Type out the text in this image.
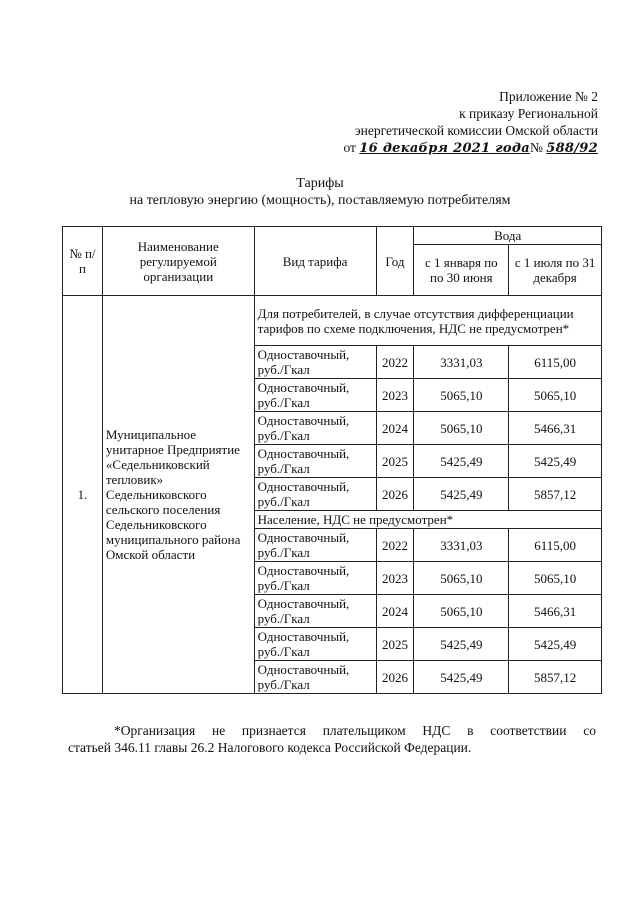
Приложение № 2
к приказу Региональной
энергетической комиссии Омской области
от 16 декабря 2021 года№ 588/92
Тарифы
на тепловую энергию (мощность), поставляемую потребителям
№ п/п	Наименование регулируемой организации	Вид тарифа	Год	Вода	
				с 1 января по по 30 июня	с 1 июля по 31 декабря
1.	Муниципальное унитарное Предприятие «Седельниковский тепловик» Седельниковского сельского поселения Седельниковского муниципального района Омской области	Для потребителей, в случае отсутствия дифференциации тарифов по схеме подключения, НДС не предусмотрен*			
		Одноставочный, руб./Гкал	2022	3331,03	6115,00
		Одноставочный, руб./Гкал	2023	5065,10	5065,10
		Одноставочный, руб./Гкал	2024	5065,10	5466,31
		Одноставочный, руб./Гкал	2025	5425,49	5425,49
		Одноставочный, руб./Гкал	2026	5425,49	5857,12
		Население, НДС не предусмотрен*			
		Одноставочный, руб./Гкал	2022	3331,03	6115,00
		Одноставочный, руб./Гкал	2023	5065,10	5065,10
		Одноставочный, руб./Гкал	2024	5065,10	5466,31
		Одноставочный, руб./Гкал	2025	5425,49	5425,49
		Одноставочный, руб./Гкал	2026	5425,49	5857,12
*Организация не признается плательщиком НДС в соответствии со
статьей 346.11 главы 26.2 Налогового кодекса Российской Федерации.
